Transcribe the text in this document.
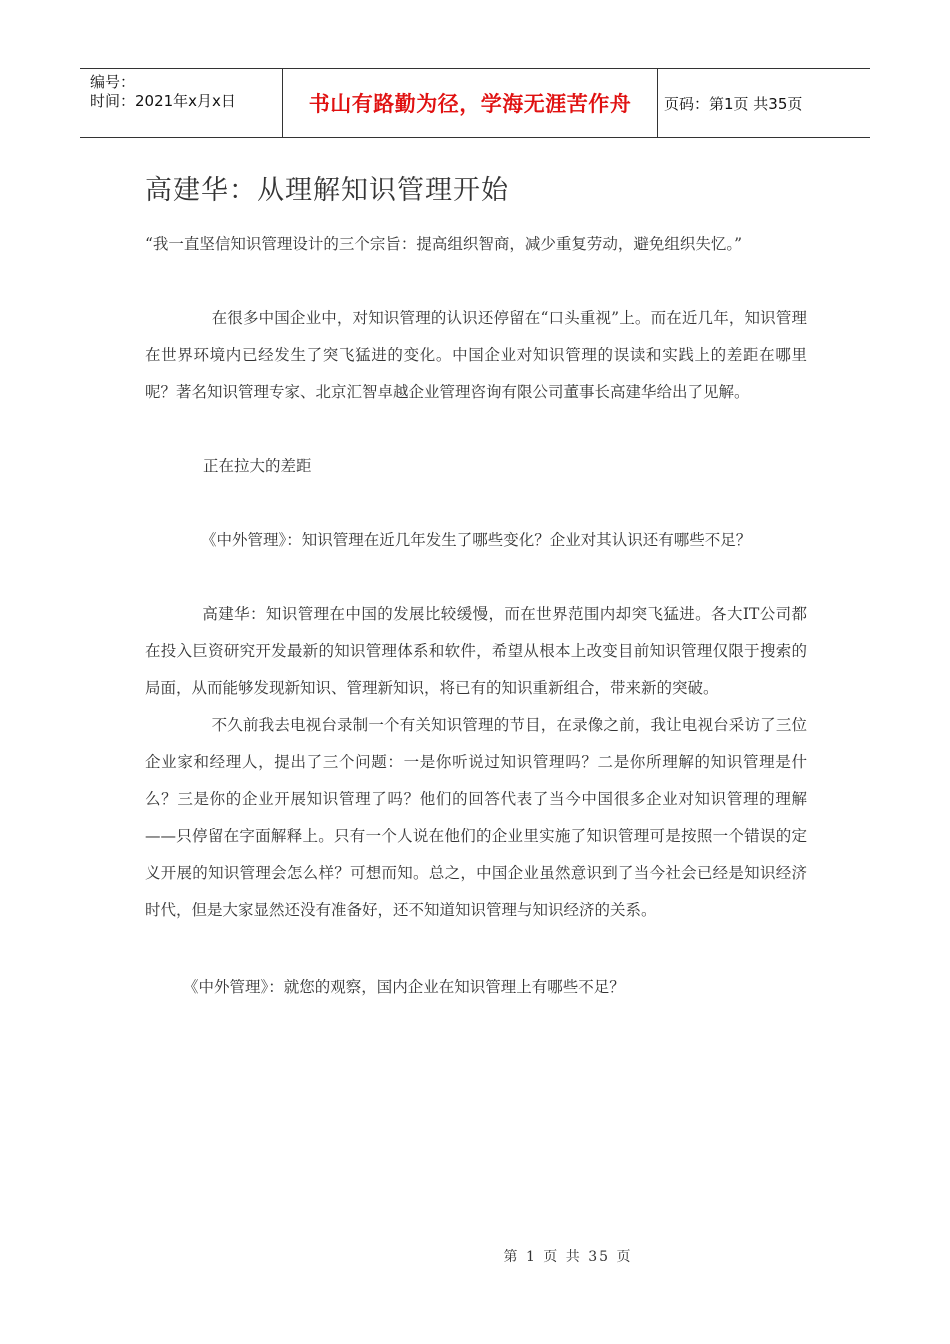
编号：
时间：2021年x月x日	书山有路勤为径，学海无涯苦作舟 页码：第1页 共35页
高建华：从理解知识管理开始

“我一直坚信知识管理设计的三个宗旨：提高组织智商，减少重复劳动，避免组织失忆。”

在很多中国企业中，对知识管理的认识还停留在“口头重视”上。而在近几年，知识管理在世界环境内已经发生了突飞猛进的变化。中国企业对知识管理的误读和实践上的差距在哪里呢？著名知识管理专家、北京汇智卓越企业管理咨询有限公司董事长高建华给出了见解。

正在拉大的差距

《中外管理》：知识管理在近几年发生了哪些变化？企业对其认识还有哪些不足？

高建华：知识管理在中国的发展比较缓慢，而在世界范围内却突飞猛进。各大IT公司都在投入巨资研究开发最新的知识管理体系和软件，希望从根本上改变目前知识管理仅限于搜索的局面，从而能够发现新知识、管理新知识，将已有的知识重新组合，带来新的突破。

不久前我去电视台录制一个有关知识管理的节目，在录像之前，我让电视台采访了三位企业家和经理人，提出了三个问题：一是你听说过知识管理吗？二是你所理解的知识管理是什么？三是你的企业开展知识管理了吗？他们的回答代表了当今中国很多企业对知识管理的理解——只停留在字面解释上。只有一个人说在他们的企业里实施了知识管理可是按照一个错误的定义开展的知识管理会怎么样？可想而知。总之，中国企业虽然意识到了当今社会已经是知识经济时代，但是大家显然还没有准备好，还不知道知识管理与知识经济的关系。

《中外管理》：就您的观察，国内企业在知识管理上有哪些不足？

第 1 页 共 35 页
